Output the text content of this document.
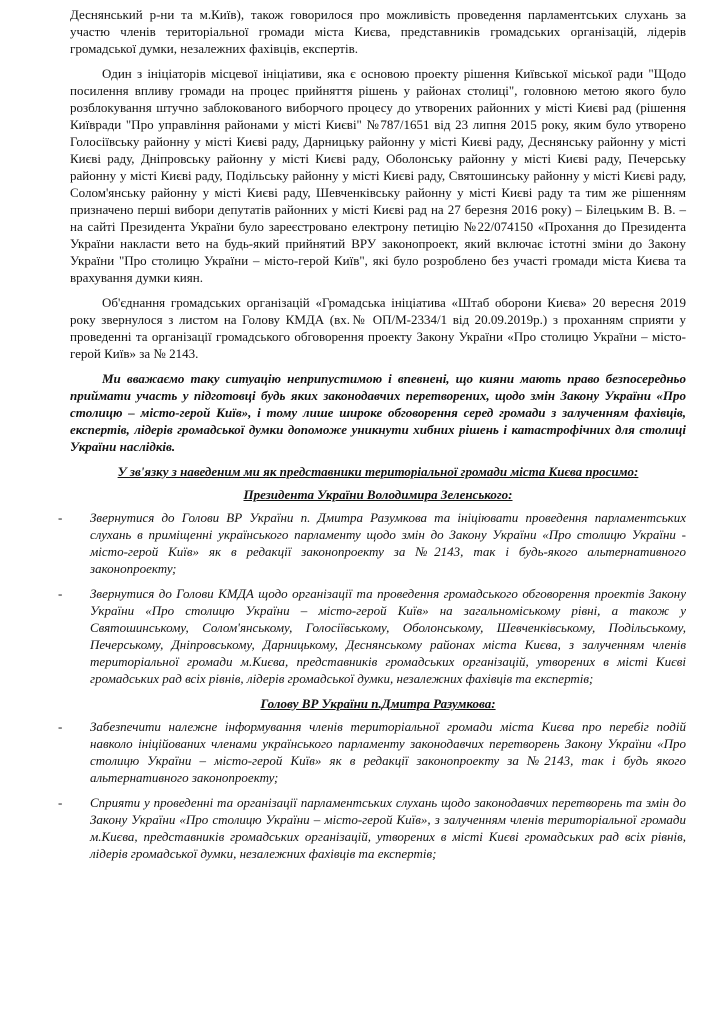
Деснянський р-ни та м.Київ), також говорилося про можливість проведення парламентських слухань за участю членів територіальної громади міста Києва, представників громадських організацій, лідерів громадської думки, незалежних фахівців, експертів.

Один з ініціаторів місцевої ініціативи, яка є основою проекту рішення Київської міської ради "Щодо посилення впливу громади на процес прийняття рішень у районах столиці", головною метою якого було розблокування штучно заблокованого виборчого процесу до утворених районних у місті Києві рад (рішення Київради "Про управління районами у місті Києві" №787/1651 від 23 липня 2015 року, яким було утворено Голосіївську районну у місті Києві раду, Дарницьку районну у місті Києві раду, Деснянську районну у місті Києві раду, Дніпровську районну у місті Києві раду, Оболонську районну у місті Києві раду, Печерську районну у місті Києві раду, Подільську районну у місті Києві раду, Святошинську районну у місті Києві раду, Солом'янську районну у місті Києві раду, Шевченківську районну у місті Києві раду та тим же рішенням призначено перші вибори депутатів районних у місті Києві рад на 27 березня 2016 року) – Білецьким В. В. – на сайті Президента України було зареєстровано електрону петицію №22/074150 «Прохання до Президента України накласти вето на будь-який прийнятий ВРУ законопроект, який включає істотні зміни до Закону України "Про столицю України – місто-герой Київ", які було розроблено без участі громади міста Києва та врахування думки киян.

Об'єднання громадських організацій «Громадська ініціатива «Штаб оборони Києва» 20 вересня 2019 року звернулося з листом на Голову КМДА (вх.№ ОП/М-2334/1 від 20.09.2019р.) з проханням сприяти у проведенні та організації громадського обговорення проекту Закону України «Про столицю України – місто-герой Київ» за № 2143.

Ми вважаємо таку ситуацію неприпустимою і впевнені, що кияни мають право безпосередньо приймати участь у підготовці будь яких законодавчих перетворених, щодо змін Закону України «Про столицю – місто-герой Київ», і тому лише широке обговорення серед громади з залученням фахівців, експертів, лідерів громадської думки допоможе уникнути хибних рішень і катастрофічних для столиці України наслідків.

У зв'язку з наведеним ми як представники територіальної громади міста Києва просимо:

Президента України Володимира Зеленського:

- Звернутися до Голови ВР України п. Дмитра Разумкова та ініціювати проведення парламентських слухань в приміщенні українського парламенту щодо змін до Закону України «Про столицю України - місто-герой Київ» як в редакції законопроекту за №2143, так і будь-якого альтернативного законопроекту;
- Звернутися до Голови КМДА щодо організації та проведення громадського обговорення проектів Закону України «Про столицю України – місто-герой Київ» на загальноміському рівні, а також у Святошинському, Солом'янському, Голосіївському, Оболонському, Шевченківському, Подільському, Печерському, Дніпровському, Дарницькому, Деснянському районах міста Києва, з залученням членів територіальної громади м.Києва, представників громадських організацій, утворених в місті Києві громадських рад всіх рівнів, лідерів громадської думки, незалежних фахівців та експертів;

Голову ВР України п.Дмитра Разумкова:

- Забезпечити належне інформування членів територіальної громади міста Києва про перебіг подій навколо ініційованих членами українського парламенту законодавчих перетворень Закону України «Про столицю України – місто-герой Київ» як в редакції законопроекту за №2143, так і будь якого альтернативного законопроекту;
- Сприяти у проведенні та організації парламентських слухань щодо законодавчих перетворень та змін до Закону України «Про столицю України – місто-герой Київ», з залученням членів територіальної громади м.Києва, представників громадських організацій, утворених в місті Києві громадських рад всіх рівнів, лідерів громадської думки, незалежних фахівців та експертів;
